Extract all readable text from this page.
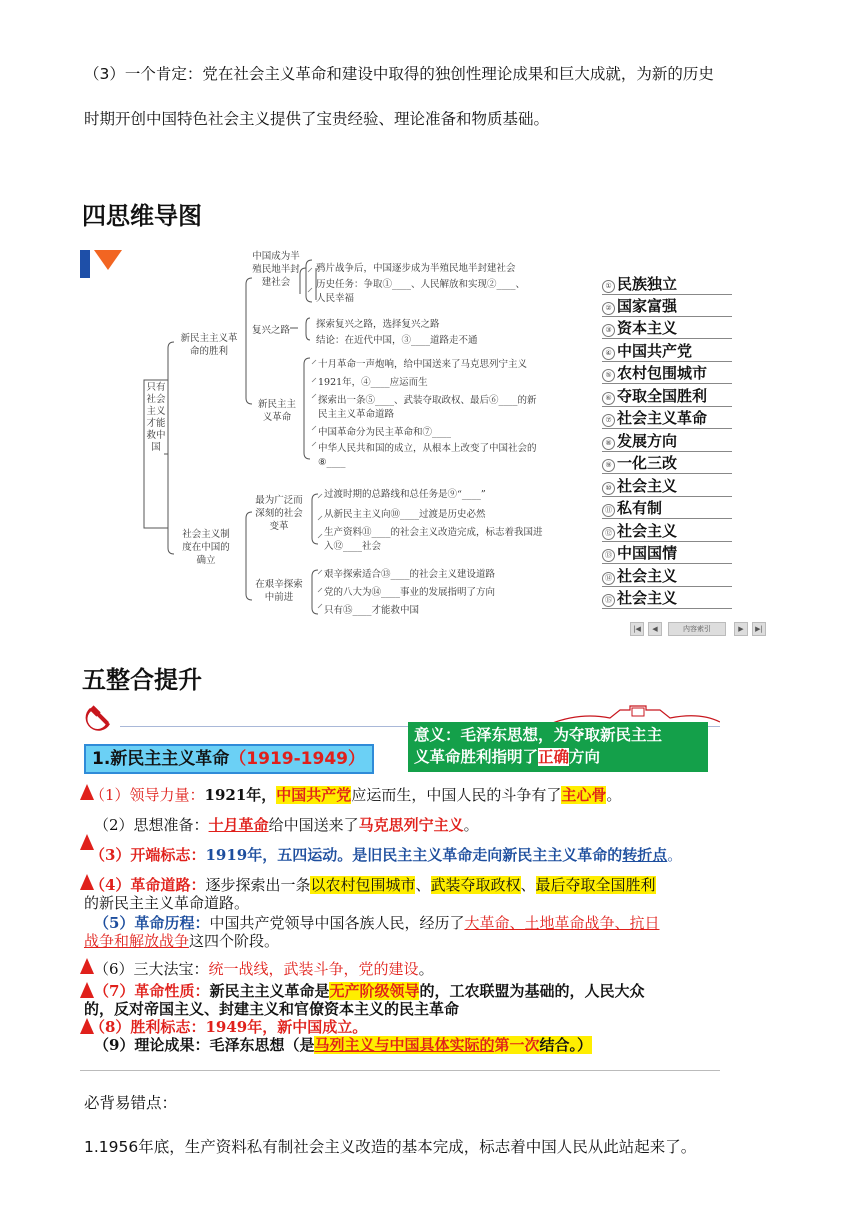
（3）一个肯定：党在社会主义革命和建设中取得的独创性理论成果和巨大成就，为新的历史
时期开创中国特色社会主义提供了宝贵经验、理论准备和物质基础。
四思维导图
只有社会主义才能救中国
新民主主义革命的胜利
社会主义制度在中国的确立
中国成为半殖民地半封建社会
复兴之路
新民主主义革命
最为广泛而深刻的社会变革
在艰辛探索中前进
鸦片战争后，中国逐步成为半殖民地半封建社会
历史任务：争取①____、人民解放和实现②____、
人民幸福
探索复兴之路，选择复兴之路
结论：在近代中国，③____道路走不通
十月革命一声炮响，给中国送来了马克思列宁主义
1921年，④____应运而生
探索出一条⑤____、武装夺取政权、最后⑥____的新
民主主义革命道路
中国革命分为民主革命和⑦____
中华人民共和国的成立，从根本上改变了中国社会的
⑧____
过渡时期的总路线和总任务是⑨“____”
从新民主主义向⑩____过渡是历史必然
生产资料⑪____的社会主义改造完成，标志着我国进
入⑫____社会
艰辛探索适合⑬____的社会主义建设道路
党的八大为⑭____事业的发展指明了方向
只有⑮____才能救中国
① 民族独立
② 国家富强
③ 资本主义
④ 中国共产党
⑤ 农村包围城市
⑥ 夺取全国胜利
⑦ 社会主义革命
⑧ 发展方向
⑨ 一化三改
⑩ 社会主义
⑪ 私有制
⑫ 社会主义
⑬ 中国国情
⑭ 社会主义
⑮ 社会主义
|◀	◀	内容索引	▶	▶|
五整合提升
意义：毛泽东思想，为夺取新民主主
义革命胜利指明了正确方向
1.新民主主义革命（1919-1949）
（1）领导力量：1921年，中国共产党应运而生，中国人民的斗争有了主心骨。
（2）思想准备：十月革命给中国送来了马克思列宁主义。
（3）开端标志：1919年，五四运动。是旧民主主义革命走向新民主主义革命的转折点。
（4）革命道路：逐步探索出一条以农村包围城市、武装夺取政权、最后夺取全国胜利
的新民主主义革命道路。
（5）革命历程：中国共产党领导中国各族人民，经历了大革命、土地革命战争、抗日
战争和解放战争这四个阶段。
（6）三大法宝：统一战线，武装斗争，党的建设。
（7）革命性质：新民主主义革命是无产阶级领导的，工农联盟为基础的，人民大众
的，反对帝国主义、封建主义和官僚资本主义的民主革命
（8）胜利标志：1949年，新中国成立。
（9）理论成果：毛泽东思想（是马列主义与中国具体实际的第一次结合。）
必背易错点：
1.1956年底，生产资料私有制社会主义改造的基本完成，标志着中国人民从此站起来了。
